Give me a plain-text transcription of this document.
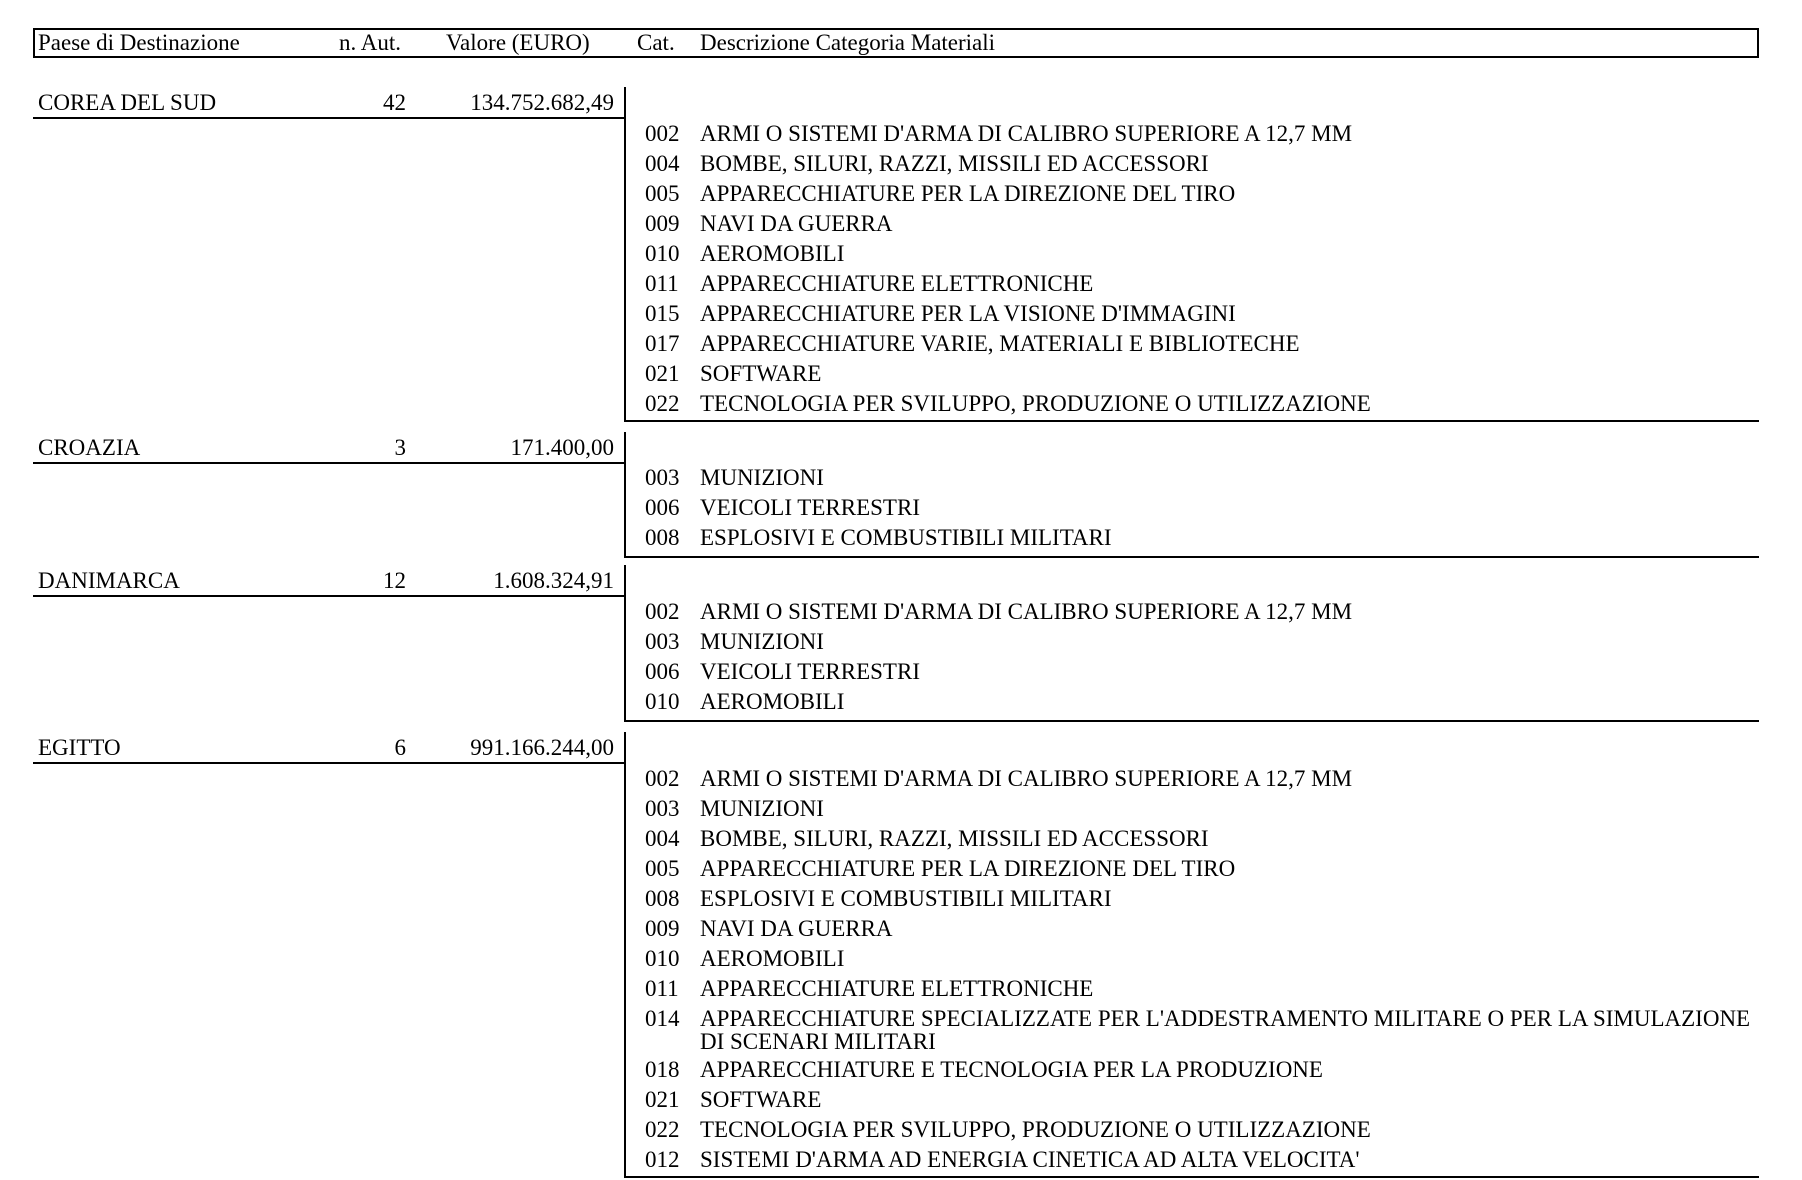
Paese di Destinazione	n. Aut. Valore (EURO) Cat. Descrizione Categoria Materiali
COREA DEL SUD	42	134.752.682,49
002 ARMI O SISTEMI D'ARMA DI CALIBRO SUPERIORE A 12,7 MM
004 BOMBE, SILURI, RAZZI, MISSILI ED ACCESSORI
005 APPARECCHIATURE PER LA DIREZIONE DEL TIRO
009 NAVI DA GUERRA
010 AEROMOBILI
011 APPARECCHIATURE ELETTRONICHE
015 APPARECCHIATURE PER LA VISIONE D'IMMAGINI
017 APPARECCHIATURE VARIE, MATERIALI E BIBLIOTECHE
021 SOFTWARE
022 TECNOLOGIA PER SVILUPPO, PRODUZIONE O UTILIZZAZIONE
CROAZIA	3	171.400,00
003 MUNIZIONI
006 VEICOLI TERRESTRI
008 ESPLOSIVI E COMBUSTIBILI MILITARI
DANIMARCA	12	1.608.324,91
002 ARMI O SISTEMI D'ARMA DI CALIBRO SUPERIORE A 12,7 MM
003 MUNIZIONI
006 VEICOLI TERRESTRI
010 AEROMOBILI
EGITTO	6	991.166.244,00
002 ARMI O SISTEMI D'ARMA DI CALIBRO SUPERIORE A 12,7 MM
003 MUNIZIONI
004 BOMBE, SILURI, RAZZI, MISSILI ED ACCESSORI
005 APPARECCHIATURE PER LA DIREZIONE DEL TIRO
008 ESPLOSIVI E COMBUSTIBILI MILITARI
009 NAVI DA GUERRA
010 AEROMOBILI
011 APPARECCHIATURE ELETTRONICHE
014 APPARECCHIATURE SPECIALIZZATE PER L'ADDESTRAMENTO MILITARE O PER LA SIMULAZIONE
DI SCENARI MILITARI
018 APPARECCHIATURE E TECNOLOGIA PER LA PRODUZIONE
021 SOFTWARE
022 TECNOLOGIA PER SVILUPPO, PRODUZIONE O UTILIZZAZIONE
012 SISTEMI D'ARMA AD ENERGIA CINETICA AD ALTA VELOCITA'
